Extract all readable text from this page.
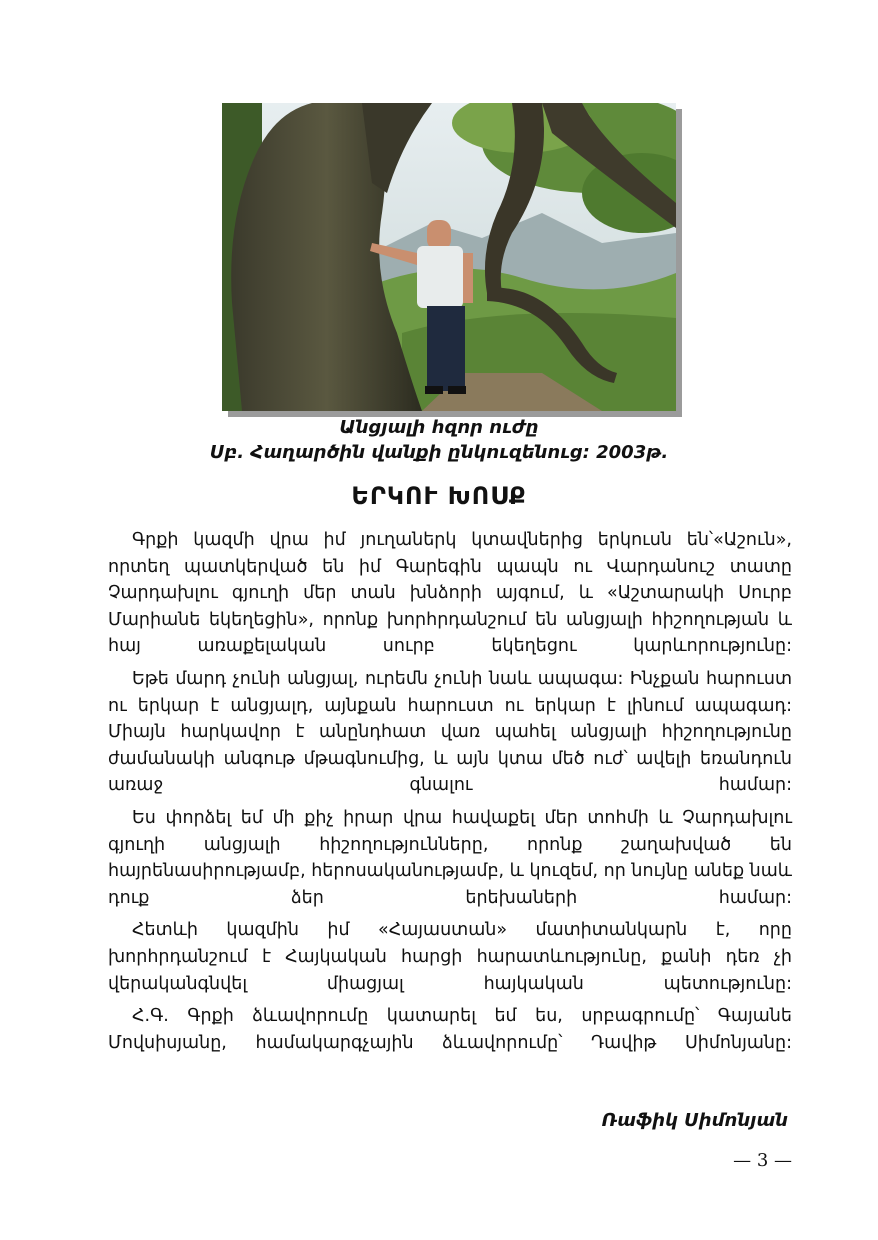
Անցյալի հզոր ուժը
Սբ. Հաղարծին վանքի ընկուզենուց: 2003թ.
ԵՐԿՈՒ ԽՈՍՔ

Գրքի կազմի վրա իմ յուղաներկ կտավներից երկուսն են՝«Աշուն», որտեղ պատկերված են իմ Գարեգին պապն ու Վարդանուշ տատը Չարդախլու գյուղի մեր տան խնձորի այգում, և «Աշտարակի Սուրբ Մարիանե եկեղեցին», որոնք խորհրդանշում են անցյալի հիշողության և հայ առաքելական սուրբ եկեղեցու կարևորությունը:

Եթե մարդ չունի անցյալ, ուրեմն չունի նաև ապագա: Ինչքան հարուստ ու երկար է անցյալդ, այնքան հարուստ ու երկար է լինում ապագադ: Միայն հարկավոր է անընդհատ վառ պահել անցյալի հիշողությունը ժամանակի անգութ մթագնումից, և այն կտա մեծ ուժ՝ ավելի եռանդուն առաջ գնալու համար:

Ես փորձել եմ մի քիչ իրար վրա հավաքել մեր տոհմի և Չարդախլու գյուղի անցյալի հիշողությունները, որոնք շաղախված են հայրենասիրությամբ, հերոսականությամբ, և կուզեմ, որ նույնը անեք նաև դուք ձեր երեխաների համար:

Հետևի կազմին իմ «Հայաստան» մատիտանկարն է, որը խորհրդանշում է Հայկական հարցի հարատևությունը, քանի դեռ չի վերականգնվել միացյալ հայկական պետությունը:

Հ.Գ. Գրքի ձևավորումը կատարել եմ ես, սրբագրումը՝ Գայանե Մովսիսյանը, համակարգչային ձևավորումը՝ Դավիթ Սիմոնյանը:

Ռաֆիկ Սիմոնյան
— 3 —
